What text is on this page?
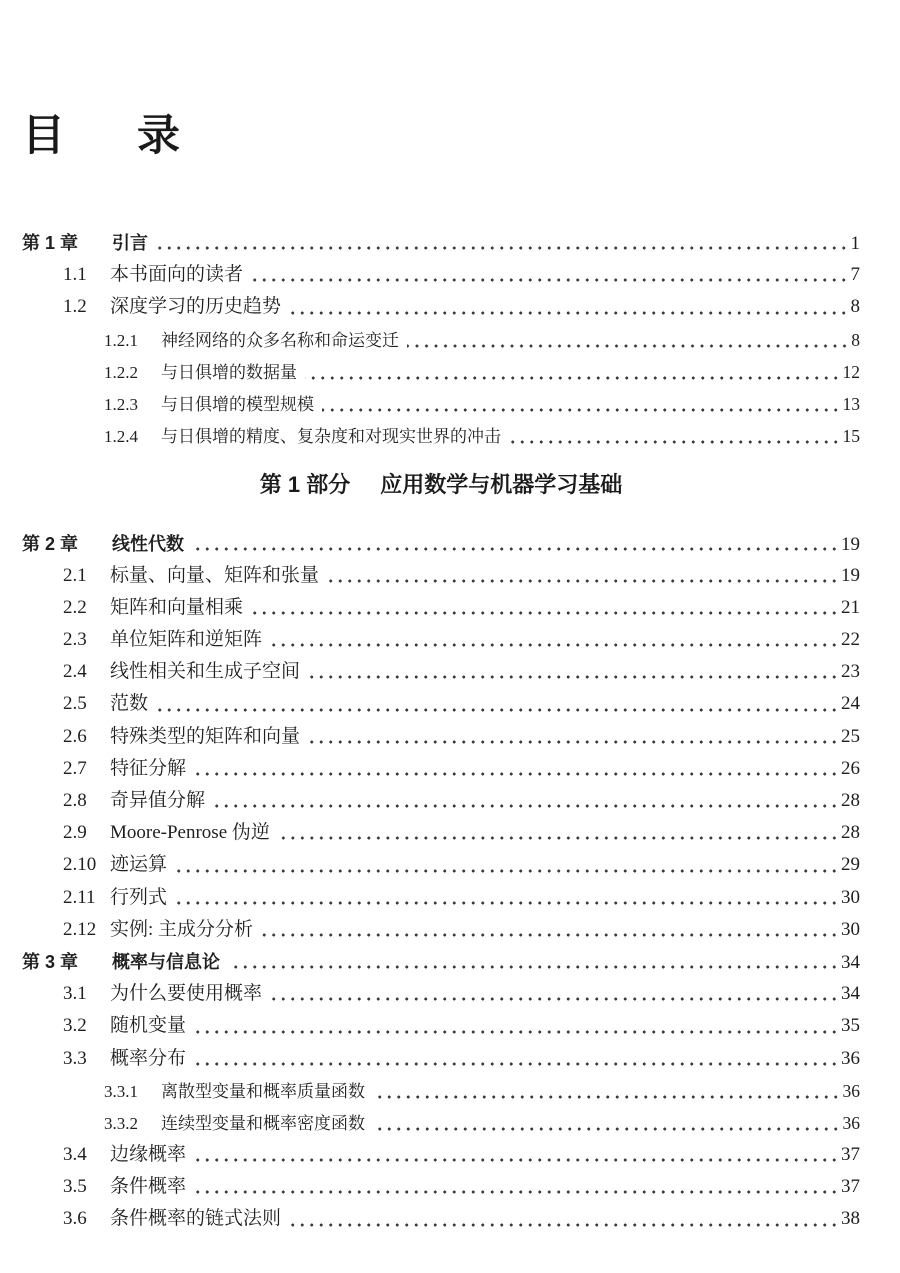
目录
第 1 章	引言	1
1.1	本书面向的读者	7
1.2	深度学习的历史趋势	8
1.2.1	神经网络的众多名称和命运变迁	8
1.2.2	与日俱增的数据量	12
1.2.3	与日俱增的模型规模	13
1.2.4	与日俱增的精度、复杂度和对现实世界的冲击	15
第 1 部分 应用数学与机器学习基础
第 2 章	线性代数	19
2.1	标量、向量、矩阵和张量	19
2.2	矩阵和向量相乘	21
2.3	单位矩阵和逆矩阵	22
2.4	线性相关和生成子空间	23
2.5	范数	24
2.6	特殊类型的矩阵和向量	25
2.7	特征分解	26
2.8	奇异值分解	28
2.9	Moore-Penrose 伪逆	28
2.10 迹运算	29
2.11 行列式	30
2.12 实例: 主成分分析	30
第 3 章	概率与信息论	34
3.1	为什么要使用概率	34
3.2	随机变量	35
3.3	概率分布	36
3.3.1	离散型变量和概率质量函数	36
3.3.2	连续型变量和概率密度函数	36
3.4	边缘概率	37
3.5	条件概率	37
3.6	条件概率的链式法则	38
